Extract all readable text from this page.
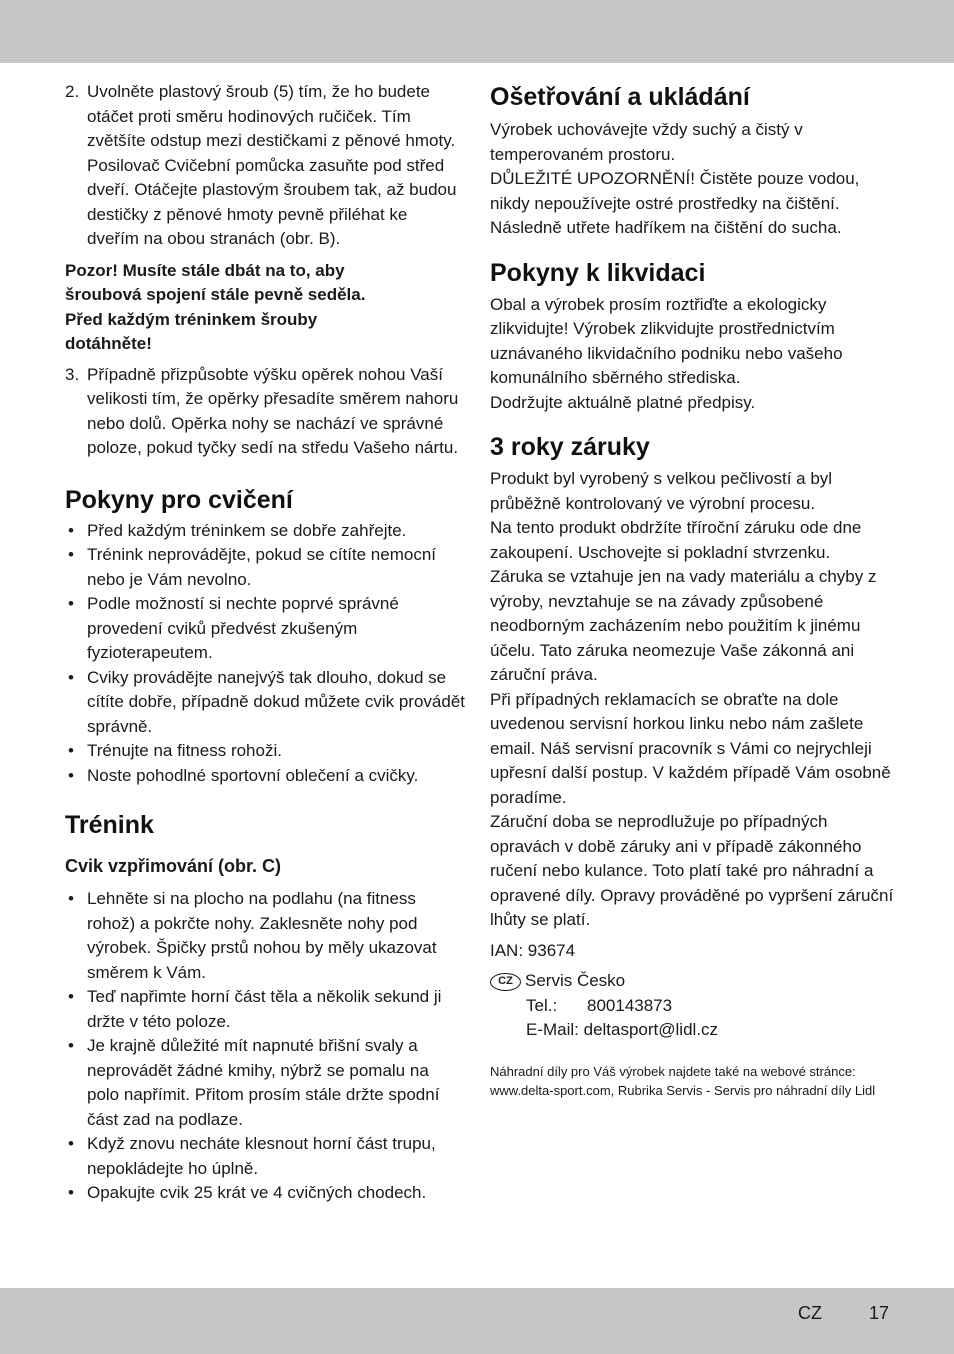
2. Uvolněte plastový šroub (5) tím, že ho budete otáčet proti směru hodinových ručiček. Tím zvětšíte odstup mezi destičkami z pěnové hmoty. Posilovač Cvičební pomůcka zasuňte pod střed dveří. Otáčejte plastovým šroubem tak, až budou destičky z pěnové hmoty pevně přiléhat ke dveřím na obou stranách (obr. B).

Pozor! Musíte stále dbát na to, aby šroubová spojení stále pevně seděla. Před každým tréninkem šrouby dotáhněte!

3. Případně přizpůsobte výšku opěrek nohou Vaší velikosti tím, že opěrky přesadíte směrem nahoru nebo dolů. Opěrka nohy se nachází ve správné poloze, pokud tyčky sedí na středu Vašeho nártu.
Pokyny pro cvičení
• Před každým tréninkem se dobře zahřejte.
• Trénink neprovádějte, pokud se cítíte nemocní nebo je Vám nevolno.
• Podle možností si nechte poprvé správné provedení cviků předvést zkušeným fyzioterapeutem.
• Cviky provádějte nanejvýš tak dlouho, dokud se cítíte dobře, případně dokud můžete cvik provádět správně.
• Trénujte na fitness rohoži.
• Noste pohodlné sportovní oblečení a cvičky.
Trénink
Cvik vzpřimování (obr. C)
• Lehněte si na plocho na podlahu (na fitness rohož) a pokrčte nohy. Zaklesněte nohy pod výrobek. Špičky prstů nohou by měly ukazovat směrem k Vám.
• Teď napřimte horní část těla a několik sekund ji držte v této poloze.
• Je krajně důležité mít napnuté břišní svaly a neprovádět žádné kmihy, nýbrž se pomalu na polo napřímit. Přitom prosím stále držte spodní část zad na podlaze.
• Když znovu necháte klesnout horní část trupu, nepokládejte ho úplně.
• Opakujte cvik 25 krát ve 4 cvičných chodech.
Ošetřování a ukládání

Výrobek uchovávejte vždy suchý a čistý v temperovaném prostoru.

DŮLEŽITÉ UPOZORNĚNÍ! Čistěte pouze vodou, nikdy nepoužívejte ostré prostředky na čištění. Následně utřete hadříkem na čištění do sucha.

Pokyny k likvidaci

Obal a výrobek prosím roztřiďte a ekologicky zlikvidujte! Výrobek zlikvidujte prostřednictvím uznávaného likvidačního podniku nebo vašeho komunálního sběrného střediska.

Dodržujte aktuálně platné předpisy.

3 roky záruky

Produkt byl vyrobený s velkou pečlivostí a byl průběžně kontrolovaný ve výrobní procesu.

Na tento produkt obdržíte tříroční záruku ode dne zakoupení. Uschovejte si pokladní stvrzenku.

Záruka se vztahuje jen na vady materiálu a chyby z výroby, nevztahuje se na závady způsobené neodborným zacházením nebo použitím k jinému účelu. Tato záruka neomezuje Vaše zákonná ani záruční práva.

Při případných reklamacích se obraťte na dole uvedenou servisní horkou linku nebo nám zašlete email. Náš servisní pracovník s Vámi co nejrychleji upřesní další postup. V každém případě Vám osobně poradíme.

Záruční doba se neprodlužuje po případných opravách v době záruky ani v případě zákonného ručení nebo kulance. Toto platí také pro náhradní a opravené díly. Opravy prováděné po vypršení záruční lhůty se platí.

IAN: 93674

CZ Servis Česko

Tel.: 800143873

E-Mail: deltasport@lidl.cz

Náhradní díly pro Váš výrobek najdete také na webové stránce: www.delta-sport.com, Rubrika Servis - Servis pro náhradní díly Lidl

CZ	17
